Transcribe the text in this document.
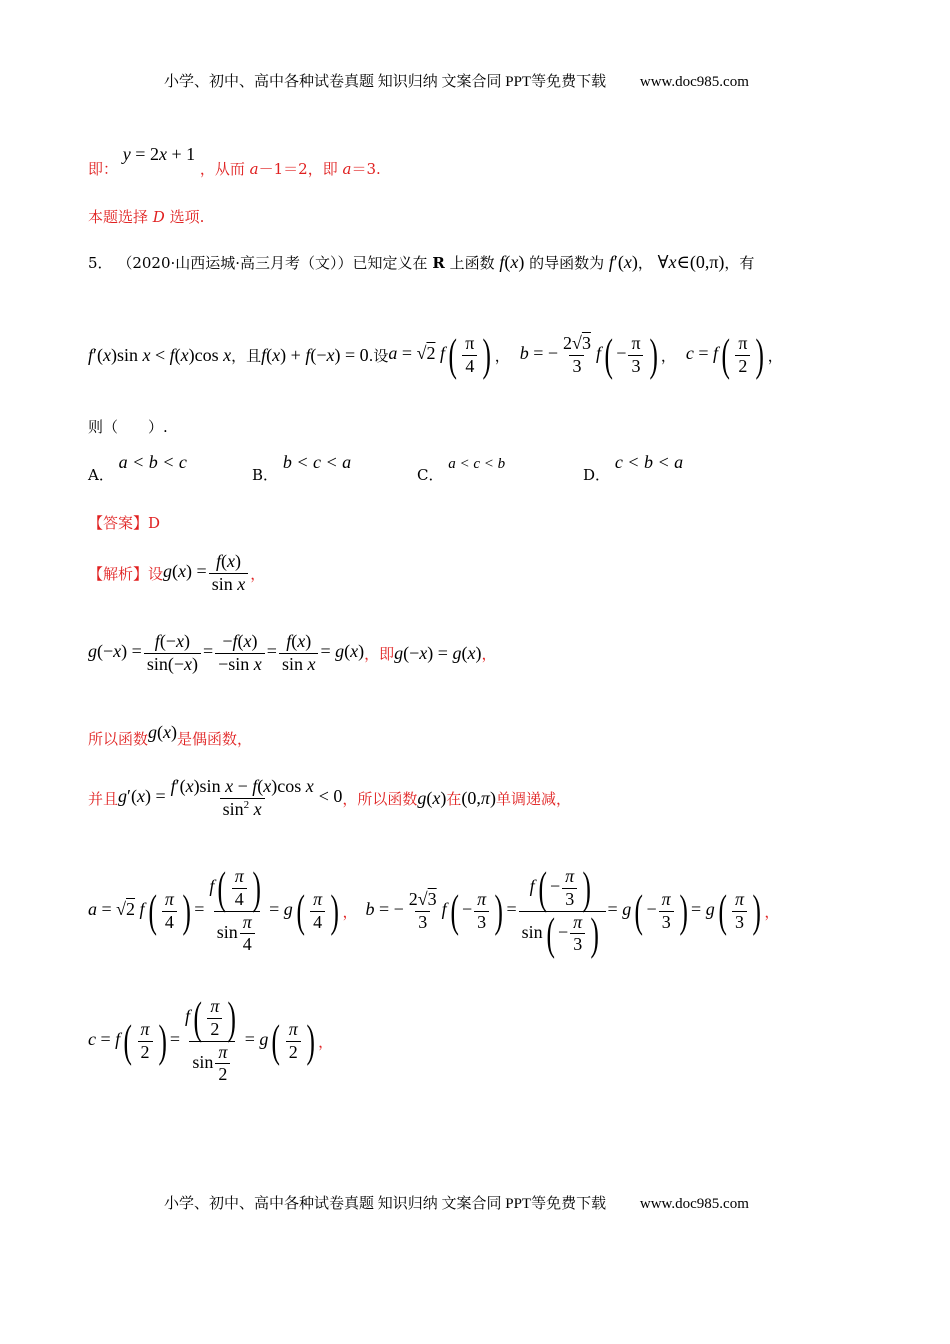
小学、初中、高中各种试卷真题 知识归纳 文案合同 PPT等免费下载 www.doc985.com
即： y = 2x + 1 ，从而 a－1＝2，即 a＝3.
本题选择 D 选项.
5． （2020·山西运城·高三月考（文））已知定义在 R 上函数 f(x) 的导函数为 f′(x)， ∀x∈(0,π)，有
f′(x)sin x < f(x)cos x ，且 f(x) + f(−x) = 0 .设 a = √2 $f( \frac{\pi}{4}$ ) ， b = − $\frac{2√3}{3} f( - \frac{\pi}{3}$ ) ， $c = f( \frac{\pi}{2}$ ) ，
则（　　）.
A． a < b < c
B． b < c < a
C． a < c < b
D． c < b < a
【答案】D
【解析】 设 $g(x) = \frac{f(x)}{\text{sin x}}$ ，
$g(-x) = \frac{f(-x)}{\sin(-x)} = \frac{-f(x)}{\text{−sin x}} = \frac{f(x)}{\text{sin x}} = g(x)$ ，即 g(−x) = g(x) ，
所以函数g(x)是偶函数，
并且 $g'(x) = \frac{\text{f′(x)sin x − f(x)cos x}}{\sin^2 x} < 0$ ，所以函数 g(x) 在 (0,π) 单调递减，
a = √2 $f( \frac{\pi}{4}$ ) = $\frac{f( \frac{\pi}{4} )}{\sin \frac{\pi}{4}} = g( \frac{\pi}{4}$ ) ， b = − $\frac{2√3}{3} f( - \frac{\pi}{3}$ ) = $\frac{f( - \frac{\pi}{3} )}{\sin( - \frac{\pi}{3} )} = g( - \frac{\pi}{3}$ ) = $g( \frac{\pi}{3}$ ) ，
$c = f( \frac{\pi}{2}$ ) = $\frac{f( \frac{\pi}{2} )}{\sin \frac{\pi}{2}} = g( \frac{\pi}{2}$ ) ，
小学、初中、高中各种试卷真题 知识归纳 文案合同 PPT等免费下载 www.doc985.com
